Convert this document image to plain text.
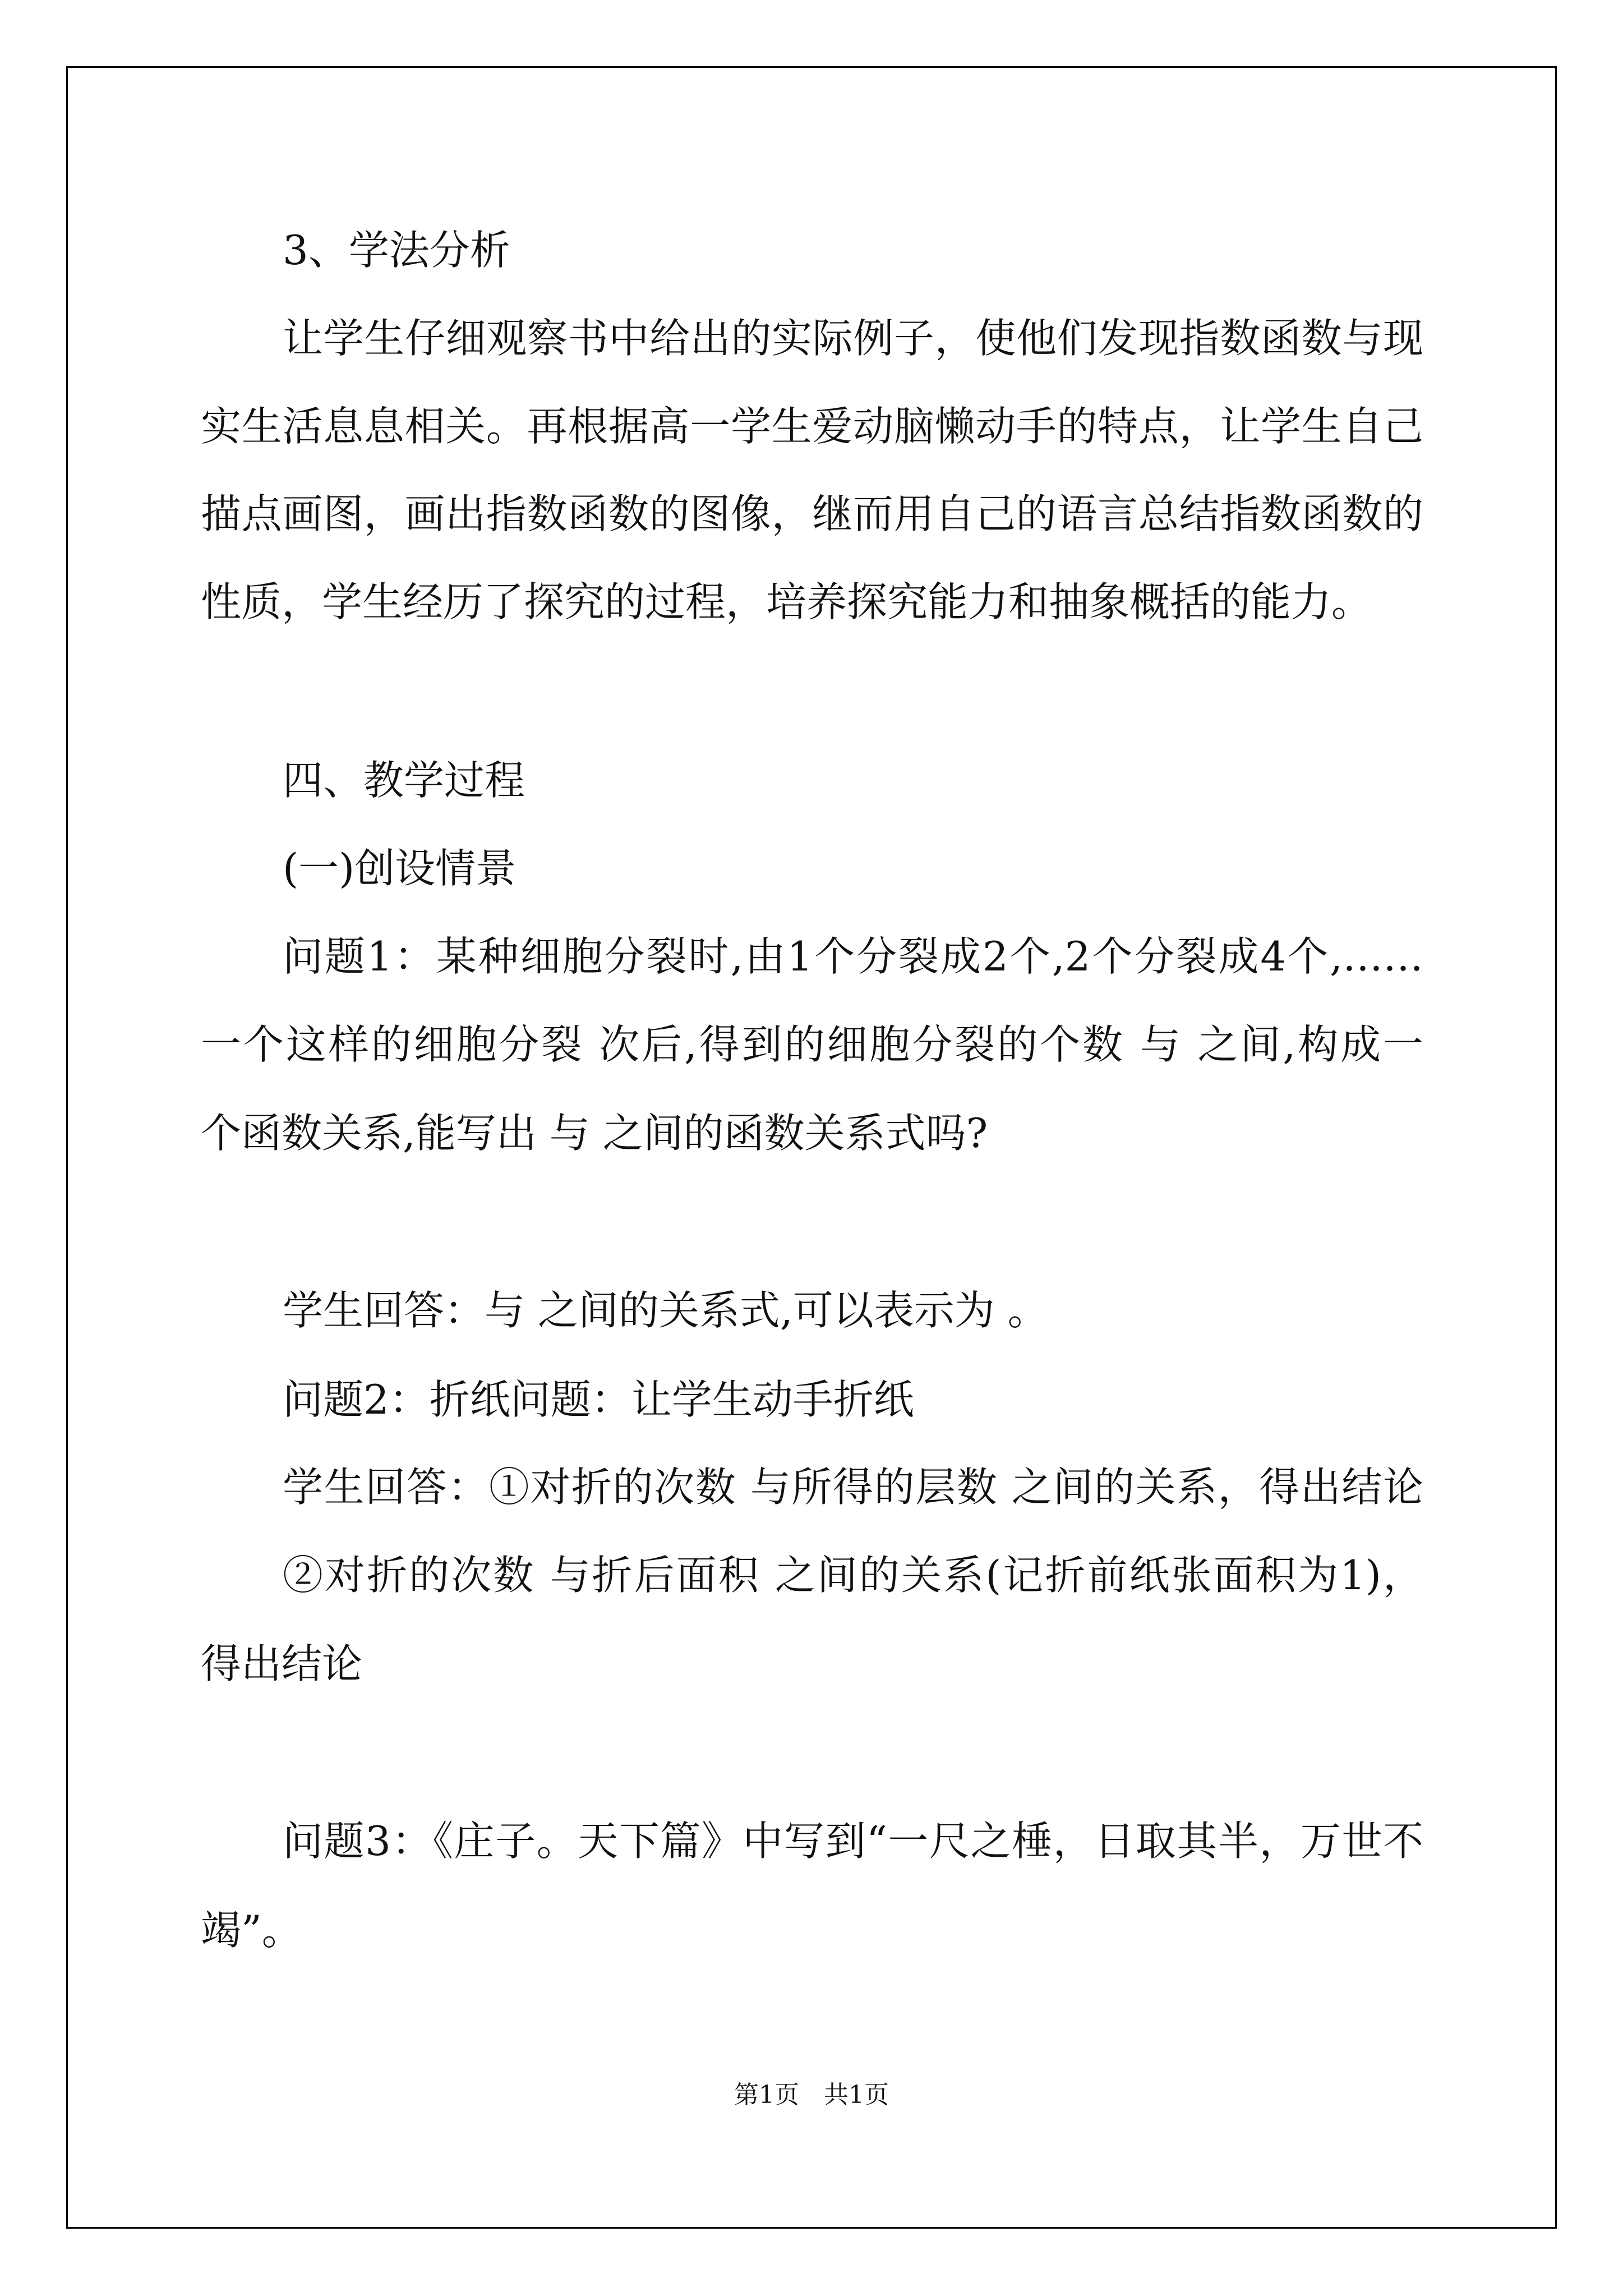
3、学法分析

让学生仔细观察书中给出的实际例子，使他们发现指数函数与现

实生活息息相关。再根据高一学生爱动脑懒动手的特点，让学生自己

描点画图，画出指数函数的图像，继而用自己的语言总结指数函数的

性质，学生经历了探究的过程，培养探究能力和抽象概括的能力。

四、教学过程

(一)创设情景

问题1：某种细胞分裂时,由1个分裂成2个,2个分裂成4个,……

一个这样的细胞分裂 次后,得到的细胞分裂的个数 与 之间,构成一

个函数关系,能写出 与 之间的函数关系式吗?

学生回答：与 之间的关系式,可以表示为 。

问题2：折纸问题：让学生动手折纸

学生回答：①对折的次数 与所得的层数 之间的关系，得出结论

②对折的次数 与折后面积 之间的关系(记折前纸张面积为1)，

得出结论

问题3：《庄子。天下篇》中写到“一尺之棰，日取其半，万世不

竭”。

第1页　共1页
